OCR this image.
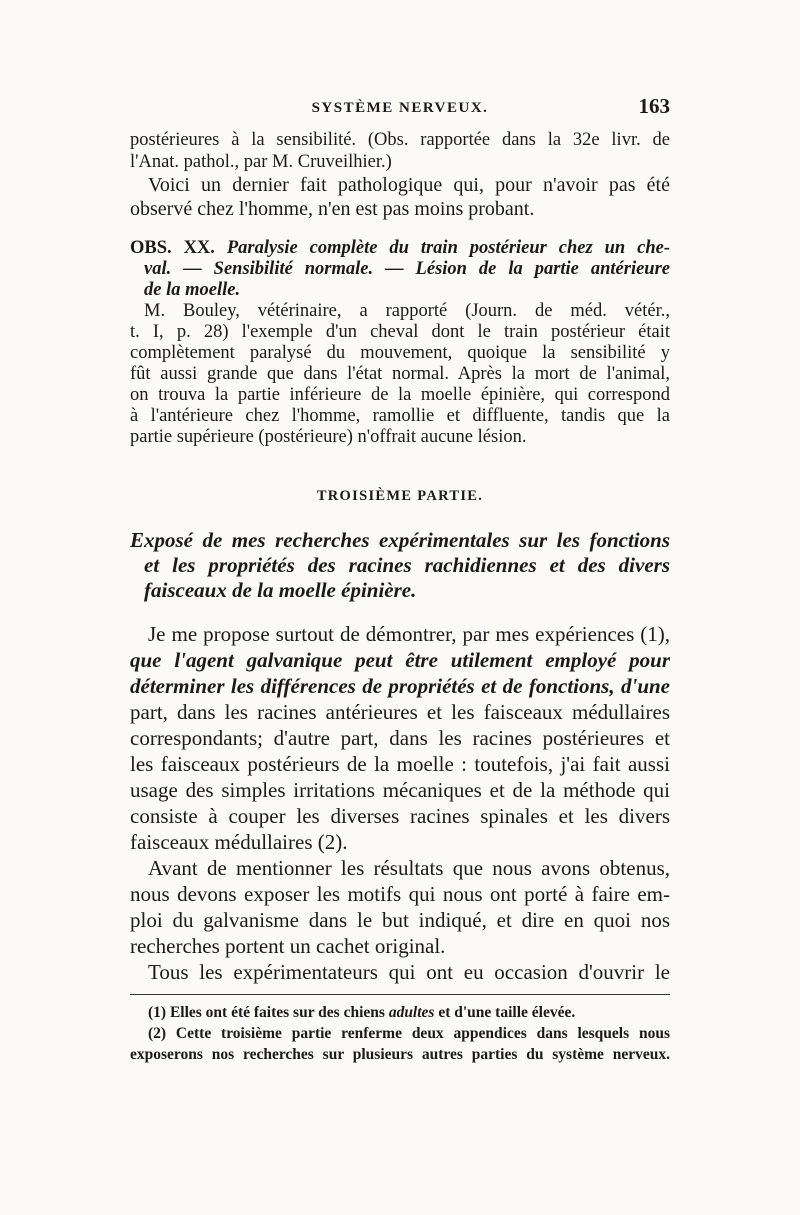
SYSTÈME NERVEUX.	163
postérieures à la sensibilité. (Obs. rapportée dans la 32e livr. de
l'Anat. pathol., par M. Cruveilhier.)
Voici un dernier fait pathologique qui, pour n'avoir pas été
observé chez l'homme, n'en est pas moins probant.
OBS. XX. Paralysie complète du train postérieur chez un che-
val. — Sensibilité normale. — Lésion de la partie antérieure
de la moelle.
M. Bouley, vétérinaire, a rapporté (Journ. de méd. vétér.,
t. I, p. 28) l'exemple d'un cheval dont le train postérieur était
complètement paralysé du mouvement, quoique la sensibilité y
fût aussi grande que dans l'état normal. Après la mort de l'animal,
on trouva la partie inférieure de la moelle épinière, qui correspond
à l'antérieure chez l'homme, ramollie et diffluente, tandis que la
partie supérieure (postérieure) n'offrait aucune lésion.
TROISIÈME PARTIE.
Exposé de mes recherches expérimentales sur les fonctions
et les propriétés des racines rachidiennes et des divers
faisceaux de la moelle épinière.
Je me propose surtout de démontrer, par mes expériences (1),
que l'agent galvanique peut être utilement employé pour
déterminer les différences de propriétés et de fonctions, d'une
part, dans les racines antérieures et les faisceaux médullaires
correspondants; d'autre part, dans les racines postérieures et
les faisceaux postérieurs de la moelle : toutefois, j'ai fait aussi
usage des simples irritations mécaniques et de la méthode qui
consiste à couper les diverses racines spinales et les divers
faisceaux médullaires (2).
Avant de mentionner les résultats que nous avons obtenus,
nous devons exposer les motifs qui nous ont porté à faire em-
ploi du galvanisme dans le but indiqué, et dire en quoi nos
recherches portent un cachet original.
Tous les expérimentateurs qui ont eu occasion d'ouvrir le
(1) Elles ont été faites sur des chiens adultes et d'une taille élevée.
(2) Cette troisième partie renferme deux appendices dans lesquels nous
exposerons nos recherches sur plusieurs autres parties du système nerveux.
